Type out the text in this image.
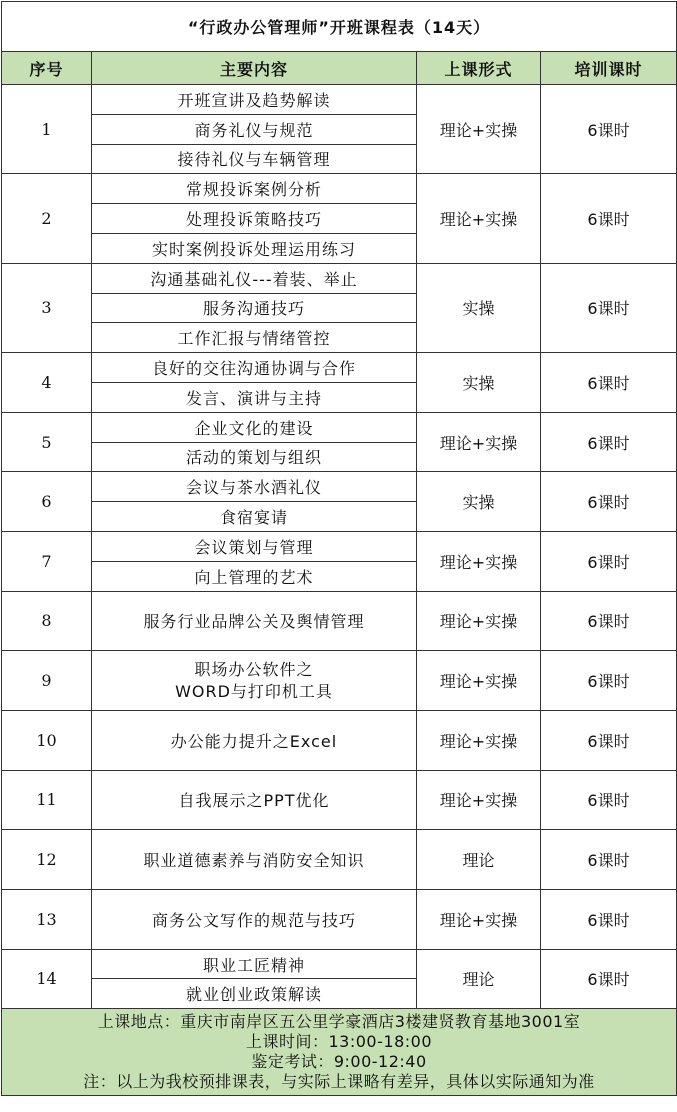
“行政办公管理师”开班课程表（14天）			
序号	主要内容	上课形式	培训课时
1	开班宣讲及趋势解读	理论+实操	6课时
	商务礼仪与规范		
	接待礼仪与车辆管理		
2	常规投诉案例分析	理论+实操	6课时
	处理投诉策略技巧		
	实时案例投诉处理运用练习		
3	沟通基础礼仪---着装、举止	实操	6课时
	服务沟通技巧		
	工作汇报与情绪管控		
4	良好的交往沟通协调与合作	实操	6课时
	发言、演讲与主持		
5	企业文化的建设	理论+实操	6课时
	活动的策划与组织		
6	会议与茶水酒礼仪	实操	6课时
	食宿宴请		
7	会议策划与管理	理论+实操	6课时
	向上管理的艺术		
8	服务行业品牌公关及舆情管理	理论+实操	6课时
9	职场办公软件之
WORD与打印机工具	理论+实操	6课时
10	办公能力提升之Excel	理论+实操	6课时
11	自我展示之PPT优化	理论+实操	6课时
12	职业道德素养与消防安全知识	理论	6课时
13	商务公文写作的规范与技巧	理论+实操	6课时
14	职业工匠精神	理论	6课时
	就业创业政策解读		

上课地点：重庆市南岸区五公里学豪酒店3楼建贤教育基地3001室
上课时间：13:00-18:00
鉴定考试：9:00-12:40
注：以上为我校预排课表，与实际上课略有差异，具体以实际通知为准			
